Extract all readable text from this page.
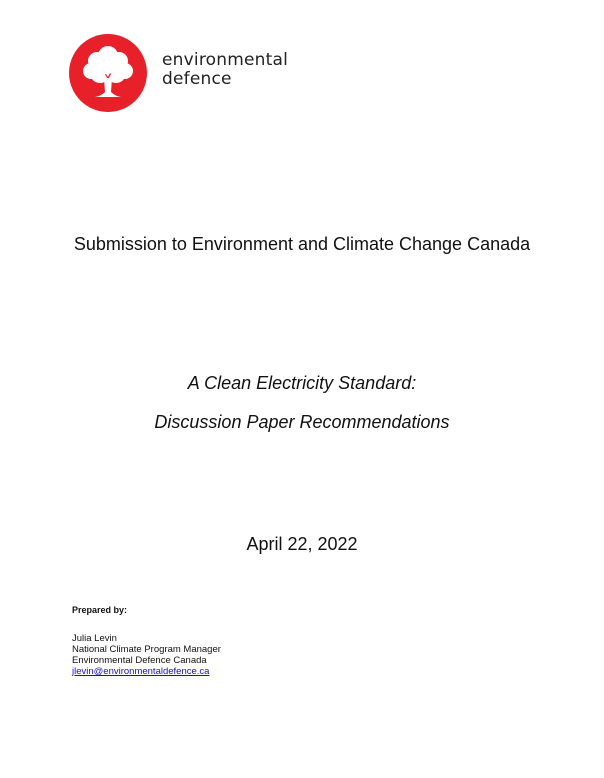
environmental
defence
Submission to Environment and Climate Change Canada
A Clean Electricity Standard:
Discussion Paper Recommendations
April 22, 2022
Prepared by:
Julia Levin
National Climate Program Manager
Environmental Defence Canada
jlevin@environmentaldefence.ca
